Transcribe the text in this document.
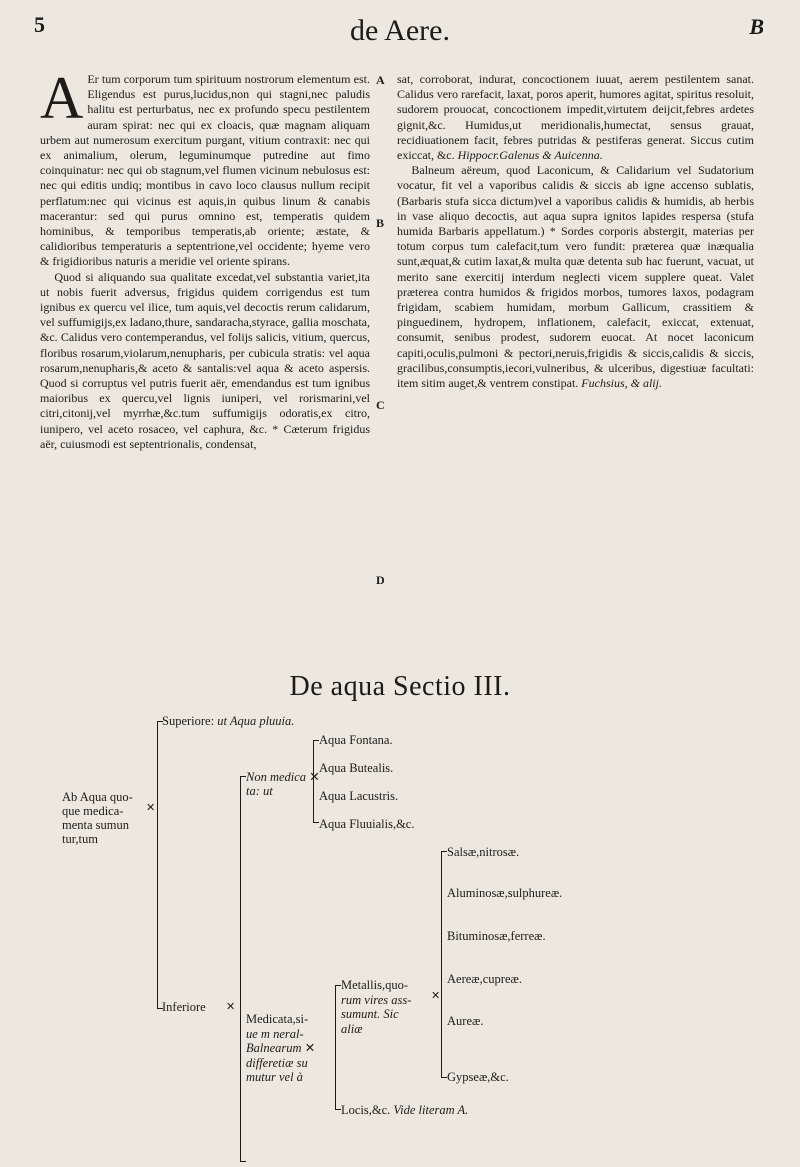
5	de Aere.	B

A Er tum corporum tum spirituum nostrorum elementum est. Eligendus est purus,lucidus,non qui stagni,nec paludis halitu est perturbatus, nec ex profundo specu pestilentem auram spirat: nec qui ex cloacis, quæ magnam aliquam urbem aut numerosum exercitum purgant, vitium contraxit: nec qui ex animalium, olerum, leguminumque putredine aut fimo coinquinatur: nec qui ob stagnum,vel flumen vicinum nebulosus est: nec qui editis undiq; montibus in cavo loco clausus nullum recipit perflatum:nec qui vicinus est aquis,in quibus linum & canabis macerantur: sed qui purus omnino est, temperatis quidem hominibus, & temporibus temperatis,ab oriente; æstate, & calidioribus temperaturis a septentrione,vel occidente; hyeme vero & frigidioribus naturis a meridie vel oriente spirans.

Quod si aliquando sua qualitate excedat,vel substantia variet,ita ut nobis fuerit adversus, frigidus quidem corrigendus est tum ignibus ex quercu vel ilice, tum aquis,vel decoctis rerum calidarum, vel suffumigijs,ex ladano,thure, sandaracha,styrace, gallia moschata, &c. Calidus vero contemperandus, vel folijs salicis, vitium, quercus, floribus rosarum,violarum,nenupharis, per cubicula stratis: vel aqua rosarum,nenupharis,& aceto & santalis:vel aqua & aceto aspersis. Quod si corruptus vel putris fuerit aër, emendandus est tum ignibus maioribus ex quercu,vel lignis iuniperi, vel rorismarini,vel citri,citonij,vel myrrhæ,&c.tum suffumigijs odoratis,ex citro, iunipero, vel aceto rosaceo, vel caphura, &c. * Cæterum frigidus aër, cuiusmodi est septentrionalis, condensat,

A
B
C
D

sat, corroborat, indurat, concoctionem iuuat, aerem pestilentem sanat. Calidus vero rarefacit, laxat, poros aperit, humores agitat, spiritus resoluit, sudorem prouocat, concoctionem impedit,virtutem deijcit,febres ardetes gignit,&c. Humidus,ut meridionalis,humectat, sensus grauat, recidiuationem facit, febres putridas & pestiferas generat. Siccus cutim exiccat, &c. Hippocr.Galenus & Auicenna.

Balneum aëreum, quod Laconicum, & Calidarium vel Sudatorium vocatur, fit vel a vaporibus calidis & siccis ab igne accenso sublatis, (Barbaris stufa sicca dictum)vel a vaporibus calidis & humidis, ab herbis in vase aliquo decoctis, aut aqua supra ignitos lapides respersa (stufa humida Barbaris appellatum.) * Sordes corporis abstergit, materias per totum corpus tum calefacit,tum vero fundit: præterea quæ inæqualia sunt,æquat,& cutim laxat,& multa quæ detenta sub hac fuerunt, vacuat, ut merito sane exercitij interdum neglecti vicem supplere queat. Valet præterea contra humidos & frigidos morbos, tumores laxos, podagram frigidam, scabiem humidam, morbum Gallicum, crassitiem & pinguedinem, hydropem, inflationem, calefacit, exiccat, extenuat, consumit, senibus prodest, sudorem euocat. At nocet laconicum capiti,oculis,pulmoni & pectori,neruis,frigidis & siccis,calidis & siccis, gracilibus,consumptis,iecori,vulneribus, & ulceribus, digestiuæ facultati: item sitim auget,& ventrem constipat. Fuchsius, & alij.

De aqua Sectio III.
Superiore: ut Aqua pluuia.
Ab Aqua quo-
que medica-
menta sumun
tur,tum
✕
Inferiore ✕
Non medica ✕
ta: ut
Aqua Fontana.
Aqua Butealis.
Aqua Lacustris.
Aqua Fluuialis,&c.
Medicata,si-
ue m neral-
Balnearum ✕
differetiæ su
mutur vel à
Metallis,quo-
rum vires ass-
sumunt. Sic
aliæ
✕
Locis,&c. Vide literam A.
Salsæ,nitrosæ.
Aluminosæ,sulphureæ.
Bituminosæ,ferreæ.
Aereæ,cupreæ.
Aureæ.
Gypseæ,&c.
